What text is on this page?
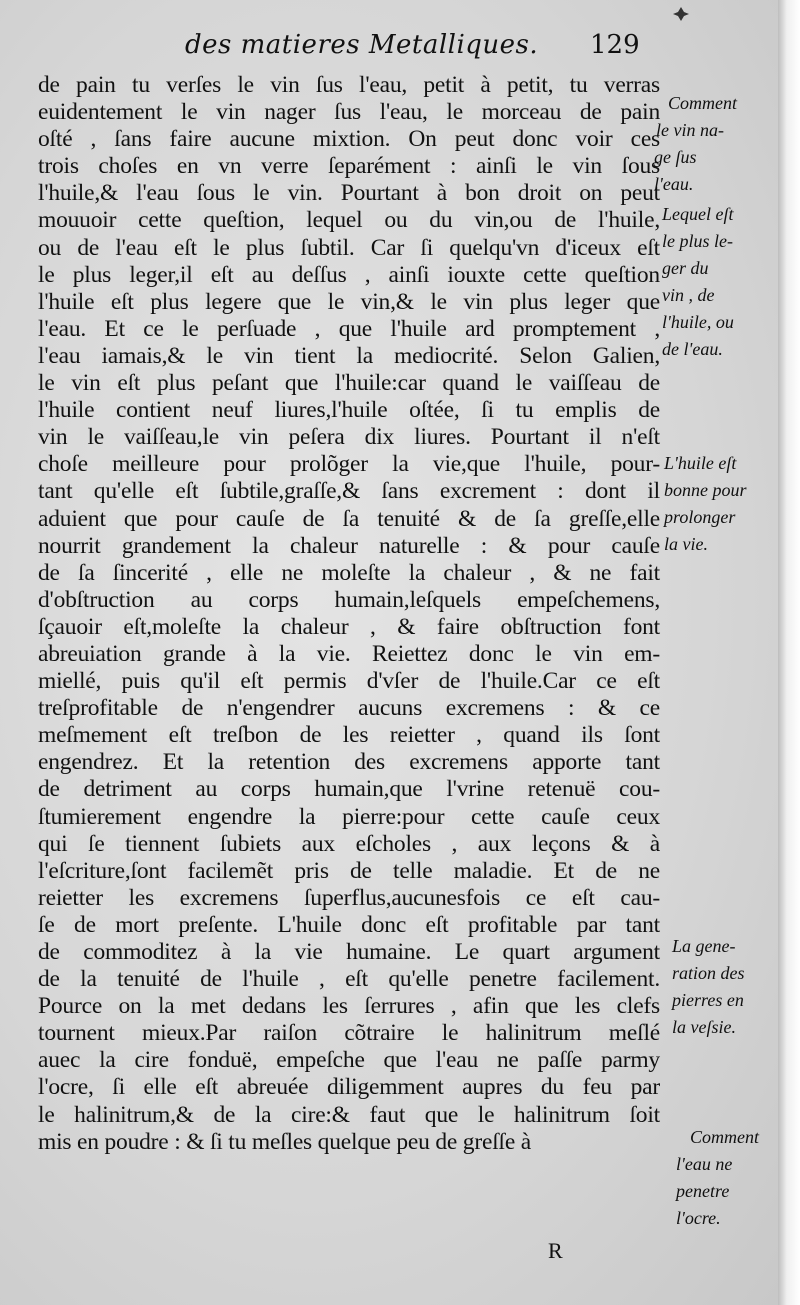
des matieres Metalliques. 129
de pain tu verſes le vin ſus l'eau, petit à petit, tu verras
euidentement le vin nager ſus l'eau, le morceau de pain
oſté , ſans faire aucune mixtion. On peut donc voir ces
trois choſes en vn verre ſeparément : ainſi le vin ſous
l'huile,& l'eau ſous le vin. Pourtant à bon droit on peut
mouuoir cette queſtion, lequel ou du vin,ou de l'huile,
ou de l'eau eſt le plus ſubtil. Car ſi quelqu'vn d'iceux eſt
le plus leger,il eſt au deſſus , ainſi iouxte cette queſtion
l'huile eſt plus legere que le vin,& le vin plus leger que
l'eau. Et ce le perſuade , que l'huile ard promptement ,
l'eau iamais,& le vin tient la mediocrité. Selon Galien,
le vin eſt plus peſant que l'huile:car quand le vaiſſeau de
l'huile contient neuf liures,l'huile oſtée, ſi tu emplis de
vin le vaiſſeau,le vin peſera dix liures. Pourtant il n'eſt
choſe meilleure pour prolõger la vie,que l'huile, pour-
tant qu'elle eſt ſubtile,graſſe,& ſans excrement : dont il
aduient que pour cauſe de ſa tenuité & de ſa greſſe,elle
nourrit grandement la chaleur naturelle : & pour cauſe
de ſa ſincerité , elle ne moleſte la chaleur , & ne fait
d'obſtruction au corps humain,leſquels empeſchemens,
ſçauoir eſt,moleſte la chaleur , & faire obſtruction font
abreuiation grande à la vie. Reiettez donc le vin em-
miellé, puis qu'il eſt permis d'vſer de l'huile.Car ce eſt
treſprofitable de n'engendrer aucuns excremens : & ce
meſmement eſt treſbon de les reietter , quand ils ſont
engendrez. Et la retention des excremens apporte tant
de detriment au corps humain,que l'vrine retenuë cou-
ſtumierement engendre la pierre:pour cette cauſe ceux
qui ſe tiennent ſubiets aux eſcholes , aux leçons & à
l'eſcriture,ſont facilemẽt pris de telle maladie. Et de ne
reietter les excremens ſuperflus,aucunesfois ce eſt cau-
ſe de mort preſente. L'huile donc eſt profitable par tant
de commoditez à la vie humaine. Le quart argument
de la tenuité de l'huile , eſt qu'elle penetre facilement.
Pource on la met dedans les ſerrures , afin que les clefs
tournent mieux.Par raiſon cõtraire le halinitrum meſlé
auec la cire fonduë, empeſche que l'eau ne paſſe parmy
l'ocre, ſi elle eſt abreuée diligemment aupres du feu par
le halinitrum,& de la cire:& faut que le halinitrum ſoit
mis en poudre : & ſi tu meſles quelque peu de greſſe à
Comment
le vin na-
ge ſus
l'eau.
Lequel eſt
le plus le-
ger du
vin , de
l'huile, ou
de l'eau.
L'huile eſt
bonne pour
prolonger
la vie.
La gene-
ration des
pierres en
la veſsie.
Comment
l'eau ne
penetre
l'ocre.
R
